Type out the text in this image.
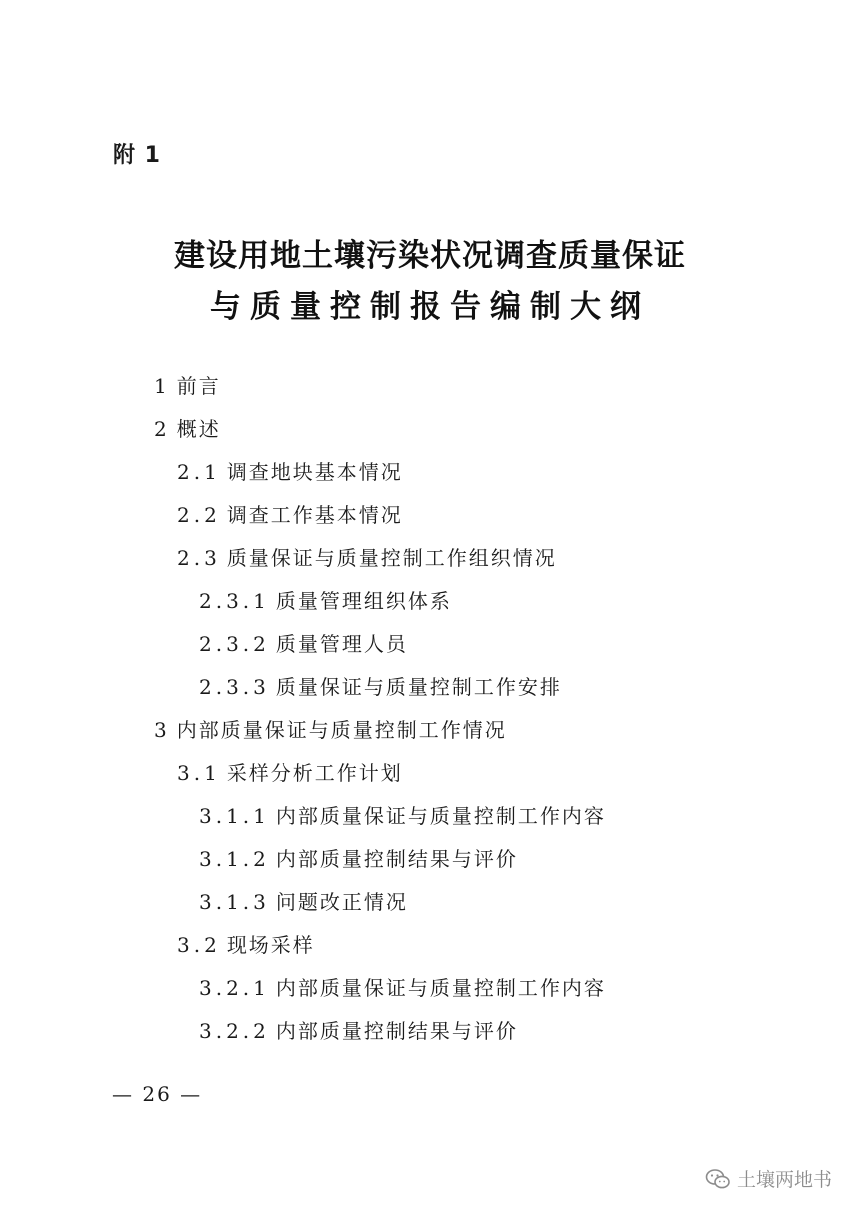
附 1
建设用地土壤污染状况调查质量保证
与质量控制报告编制大纲
1 前言
2 概述
2.1 调查地块基本情况
2.2 调查工作基本情况
2.3 质量保证与质量控制工作组织情况
2.3.1 质量管理组织体系
2.3.2 质量管理人员
2.3.3 质量保证与质量控制工作安排
3 内部质量保证与质量控制工作情况
3.1 采样分析工作计划
3.1.1 内部质量保证与质量控制工作内容
3.1.2 内部质量控制结果与评价
3.1.3 问题改正情况
3.2 现场采样
3.2.1 内部质量保证与质量控制工作内容
3.2.2 内部质量控制结果与评价
— 26 —
土壤两地书
